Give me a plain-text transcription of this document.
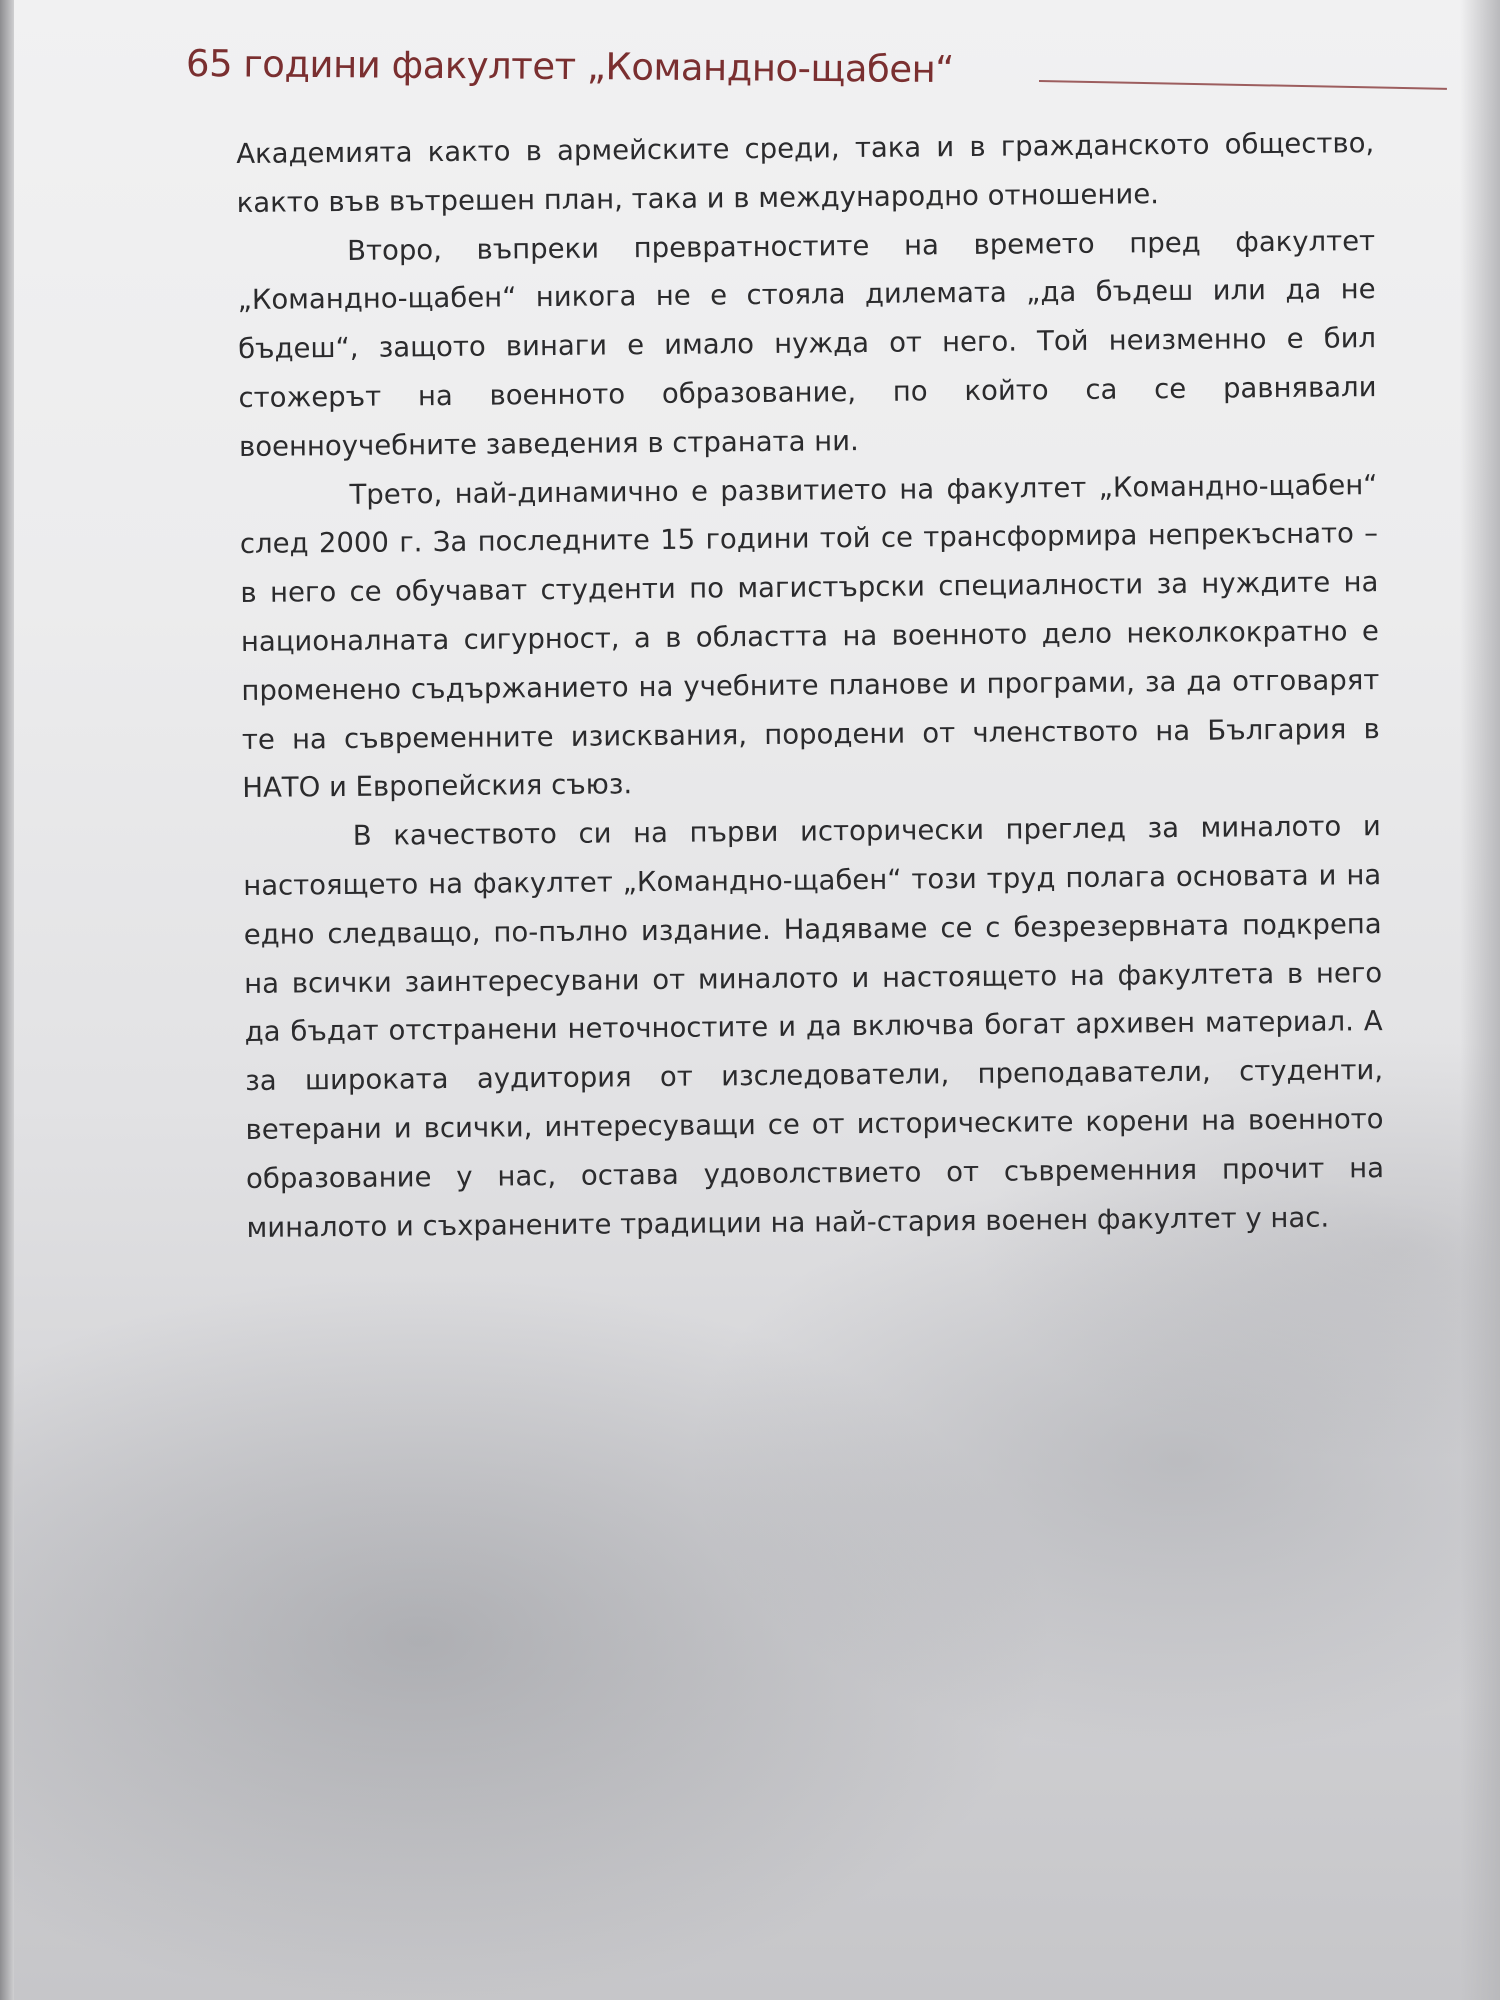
65 години факултет „Командно-щабен“

Академията както в армейските среди, така и в гражданското общество, както във вътрешен план, така и в международно отношение.

Второ, въпреки превратностите на времето пред факултет „Командно-щабен“ никога не е стояла дилемата „да бъдеш или да не бъдеш“, защото винаги е имало нужда от него. Той неизменно е бил стожерът на военното образование, по който са се равнявали военноучебните заведения в страната ни.

Трето, най-динамично е развитието на факултет „Командно-щабен“ след 2000 г. За последните 15 години той се трансформира непрекъснато – в него се обучават студенти по магистърски специалности за нуждите на националната сигурност, а в областта на военното дело неколкократно е променено съдържанието на учебните планове и програми, за да отговарят те на съвременните изисквания, породени от членството на България в НАТО и Европейския съюз.

В качеството си на първи исторически преглед за миналото и настоящето на факултет „Командно-щабен“ този труд полага основата и на едно следващо, по-пълно издание. Надяваме се с безрезервната подкрепа на всички заинтересувани от миналото и настоящето на факултета в него да бъдат отстранени неточностите и да включва богат архивен материал. А за широката аудитория от изследователи, преподаватели, студенти, ветерани и всички, интересуващи се от историческите корени на военното образование у нас, остава удоволствието от съвременния прочит на миналото и съхранените традиции на най-стария военен факултет у нас.
